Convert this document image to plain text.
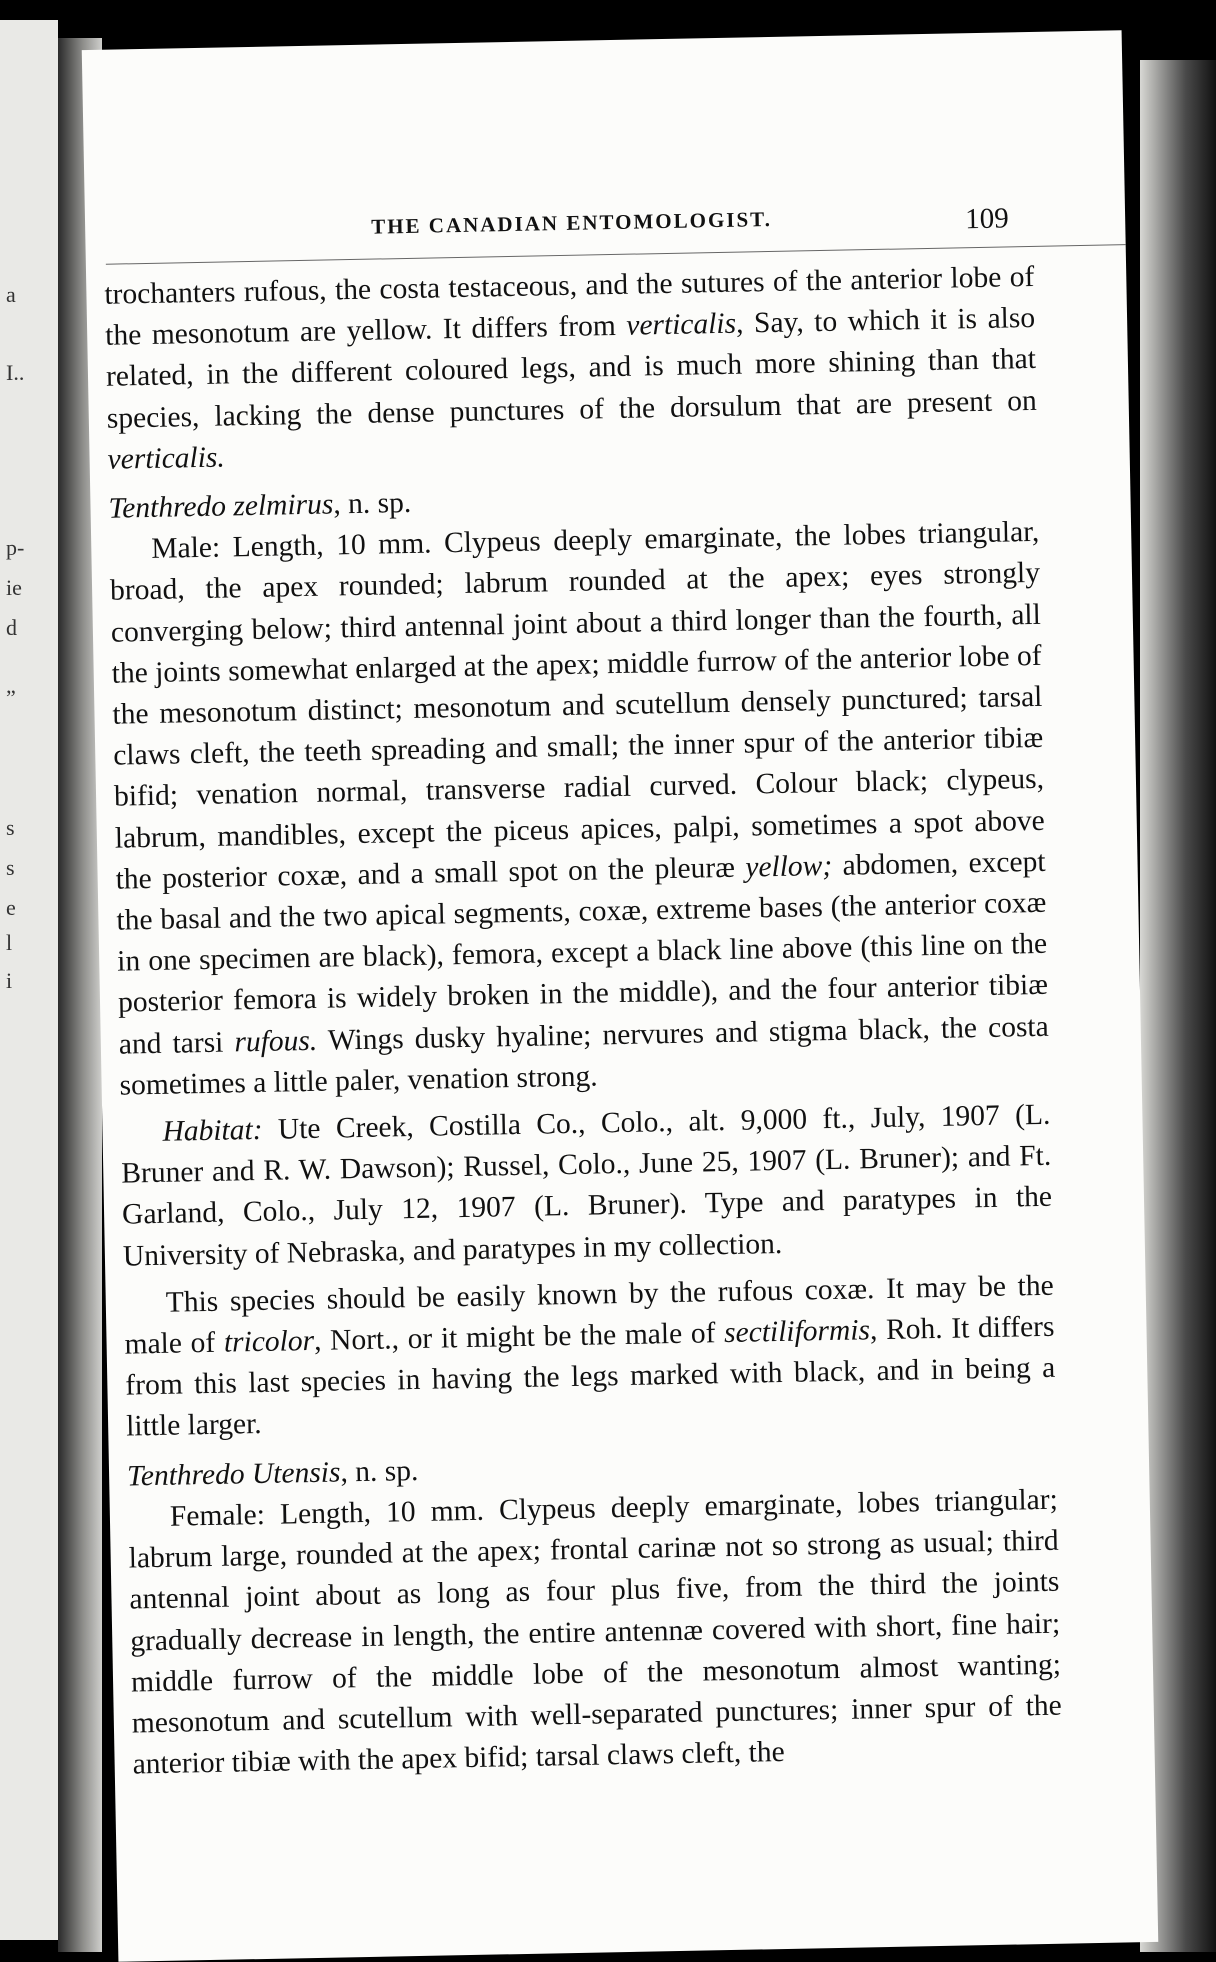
a
I..
p-
ie
d
”
s
s
e
l
i
THE CANADIAN ENTOMOLOGIST.	109

trochanters rufous, the costa testaceous, and the sutures of the anterior lobe of the mesonotum are yellow. It differs from verticalis, Say, to which it is also related, in the different coloured legs, and is much more shining than that species, lacking the dense punctures of the dorsulum that are present on verticalis.

Tenthredo zelmirus, n. sp.

Male: Length, 10 mm. Clypeus deeply emarginate, the lobes triangular, broad, the apex rounded; labrum rounded at the apex; eyes strongly converging below; third antennal joint about a third longer than the fourth, all the joints somewhat enlarged at the apex; middle furrow of the anterior lobe of the mesonotum distinct; mesonotum and scutellum densely punctured; tarsal claws cleft, the teeth spreading and small; the inner spur of the anterior tibiæ bifid; venation normal, transverse radial curved. Colour black; clypeus, labrum, mandibles, except the piceus apices, palpi, sometimes a spot above the posterior coxæ, and a small spot on the pleuræ yellow; abdomen, except the basal and the two apical segments, coxæ, extreme bases (the anterior coxæ in one specimen are black), femora, except a black line above (this line on the posterior femora is widely broken in the middle), and the four anterior tibiæ and tarsi rufous. Wings dusky hyaline; nervures and stigma black, the costa sometimes a little paler, venation strong.

Habitat: Ute Creek, Costilla Co., Colo., alt. 9,000 ft., July, 1907 (L. Bruner and R. W. Dawson); Russel, Colo., June 25, 1907 (L. Bruner); and Ft. Garland, Colo., July 12, 1907 (L. Bruner). Type and paratypes in the University of Nebraska, and paratypes in my collection.

This species should be easily known by the rufous coxæ. It may be the male of tricolor, Nort., or it might be the male of sectiliformis, Roh. It differs from this last species in having the legs marked with black, and in being a little larger.

Tenthredo Utensis, n. sp.

Female: Length, 10 mm. Clypeus deeply emarginate, lobes triangular; labrum large, rounded at the apex; frontal carinæ not so strong as usual; third antennal joint about as long as four plus five, from the third the joints gradually decrease in length, the entire antennæ covered with short, fine hair; middle furrow of the middle lobe of the mesonotum almost wanting; mesonotum and scutellum with well-separated punctures; inner spur of the anterior tibiæ with the apex bifid; tarsal claws cleft, the
